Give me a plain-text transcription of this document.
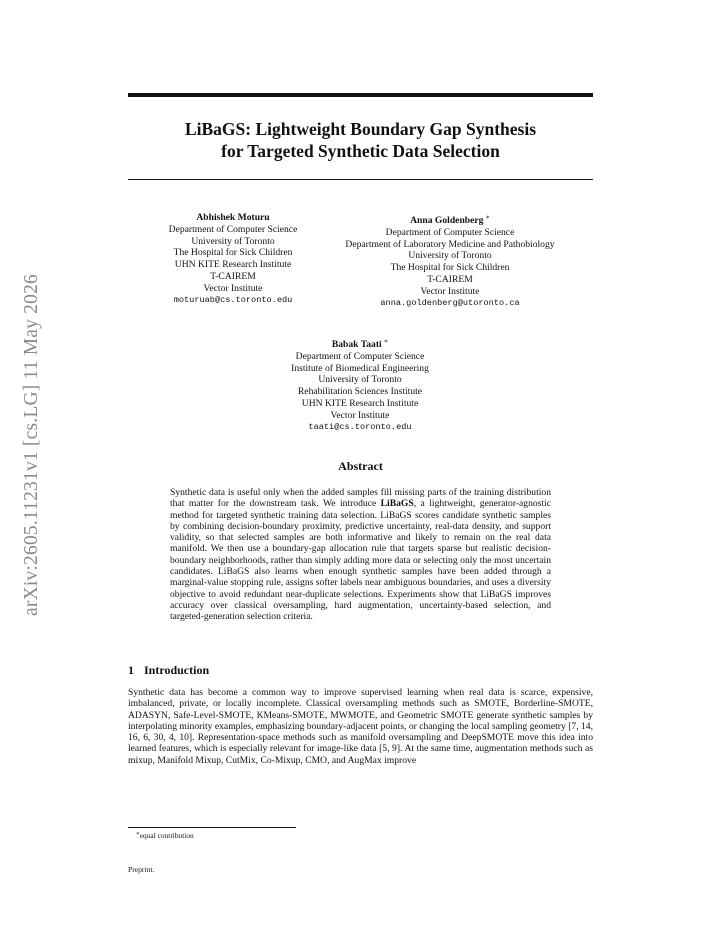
arXiv:2605.11231v1 [cs.LG] 11 May 2026
LiBaGS: Lightweight Boundary Gap Synthesis
for Targeted Synthetic Data Selection
Abhishek Moturu
Department of Computer Science
University of Toronto
The Hospital for Sick Children
UHN KITE Research Institute
T-CAIREM
Vector Institute
moturuab@cs.toronto.edu
Anna Goldenberg ∗
Department of Computer Science
Department of Laboratory Medicine and Pathobiology
University of Toronto
The Hospital for Sick Children
T-CAIREM
Vector Institute
anna.goldenberg@utoronto.ca
Babak Taati ∗
Department of Computer Science
Institute of Biomedical Engineering
University of Toronto
Rehabilitation Sciences Institute
UHN KITE Research Institute
Vector Institute
taati@cs.toronto.edu
Abstract
Synthetic data is useful only when the added samples fill missing parts of the training distribution that matter for the downstream task. We introduce LiBaGS, a lightweight, generator-agnostic method for targeted synthetic training data selection. LiBaGS scores candidate synthetic samples by combining decision-boundary proximity, predictive uncertainty, real-data density, and support validity, so that selected samples are both informative and likely to remain on the real data manifold. We then use a boundary-gap allocation rule that targets sparse but realistic decision-boundary neighborhoods, rather than simply adding more data or selecting only the most uncertain candidates. LiBaGS also learns when enough synthetic samples have been added through a marginal-value stopping rule, assigns softer labels near ambiguous boundaries, and uses a diversity objective to avoid redundant near-duplicate selections. Experiments show that LiBaGS improves accuracy over classical oversampling, hard augmentation, uncertainty-based selection, and targeted-generation selection criteria.
1 Introduction
Synthetic data has become a common way to improve supervised learning when real data is scarce, expensive, imbalanced, private, or locally incomplete. Classical oversampling methods such as SMOTE, Borderline-SMOTE, ADASYN, Safe-Level-SMOTE, KMeans-SMOTE, MWMOTE, and Geometric SMOTE generate synthetic samples by interpolating minority examples, emphasizing boundary-adjacent points, or changing the local sampling geometry [7, 14, 16, 6, 30, 4, 10]. Representation-space methods such as manifold oversampling and DeepSMOTE move this idea into learned features, which is especially relevant for image-like data [5, 9]. At the same time, augmentation methods such as mixup, Manifold Mixup, CutMix, Co-Mixup, CMO, and AugMax improve
∗equal contribution
Preprint.
